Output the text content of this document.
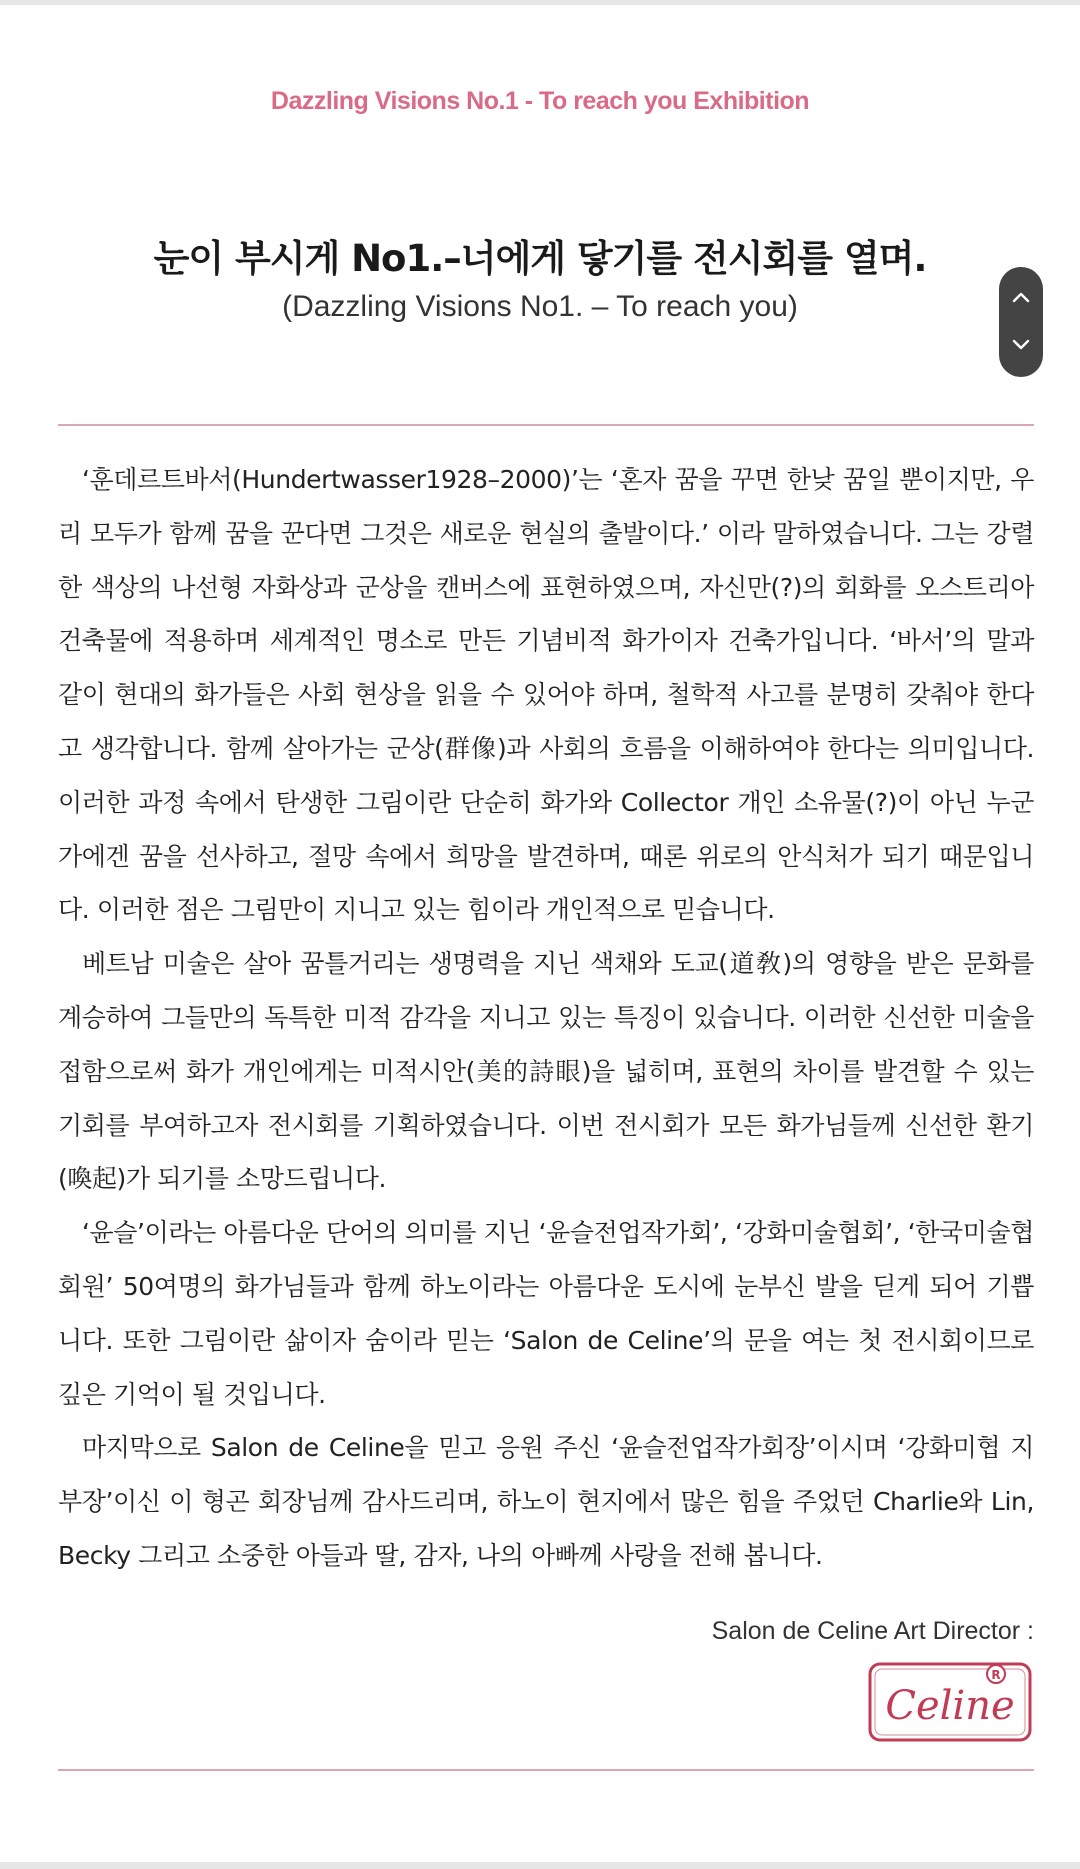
Dazzling Visions No.1 - To reach you Exhibition
눈이 부시게 No1.–너에게 닿기를 전시회를 열며.
(Dazzling Visions No1. – To reach you)

‘훈데르트바서(Hundertwasser1928–2000)’는 ‘혼자 꿈을 꾸면 한낮 꿈일 뿐이지만, 우리 모두가 함께 꿈을 꾼다면 그것은 새로운 현실의 출발이다.’ 이라 말하였습니다. 그는 강렬한 색상의 나선형 자화상과 군상을 캔버스에 표현하였으며, 자신만(?)의 회화를 오스트리아 건축물에 적용하며 세계적인 명소로 만든 기념비적 화가이자 건축가입니다. ‘바서’의 말과 같이 현대의 화가들은 사회 현상을 읽을 수 있어야 하며, 철학적 사고를 분명히 갖춰야 한다고 생각합니다. 함께 살아가는 군상(群像)과 사회의 흐름을 이해하여야 한다는 의미입니다. 이러한 과정 속에서 탄생한 그림이란 단순히 화가와 Collector 개인 소유물(?)이 아닌 누군가에겐 꿈을 선사하고, 절망 속에서 희망을 발견하며, 때론 위로의 안식처가 되기 때문입니다. 이러한 점은 그림만이 지니고 있는 힘이라 개인적으로 믿습니다.

베트남 미술은 살아 꿈틀거리는 생명력을 지닌 색채와 도교(道敎)의 영향을 받은 문화를 계승하여 그들만의 독특한 미적 감각을 지니고 있는 특징이 있습니다. 이러한 신선한 미술을 접함으로써 화가 개인에게는 미적시안(美的詩眼)을 넓히며, 표현의 차이를 발견할 수 있는 기회를 부여하고자 전시회를 기획하였습니다. 이번 전시회가 모든 화가님들께 신선한 환기(喚起)가 되기를 소망드립니다.

‘윤슬’이라는 아름다운 단어의 의미를 지닌 ‘윤슬전업작가회’, ‘강화미술협회’, ‘한국미술협회원’ 50여명의 화가님들과 함께 하노이라는 아름다운 도시에 눈부신 발을 딛게 되어 기쁩니다. 또한 그림이란 삶이자 숨이라 믿는 ‘Salon de Celine’의 문을 여는 첫 전시회이므로 깊은 기억이 될 것입니다.

마지막으로 Salon de Celine을 믿고 응원 주신 ‘윤슬전업작가회장’이시며 ‘강화미협 지부장’이신 이 형곤 회장님께 감사드리며, 하노이 현지에서 많은 힘을 주었던 Charlie와 Lin, Becky 그리고 소중한 아들과 딸, 감자, 나의 아빠께 사랑을 전해 봅니다.

Salon de Celine Art Director :
Celine
R
